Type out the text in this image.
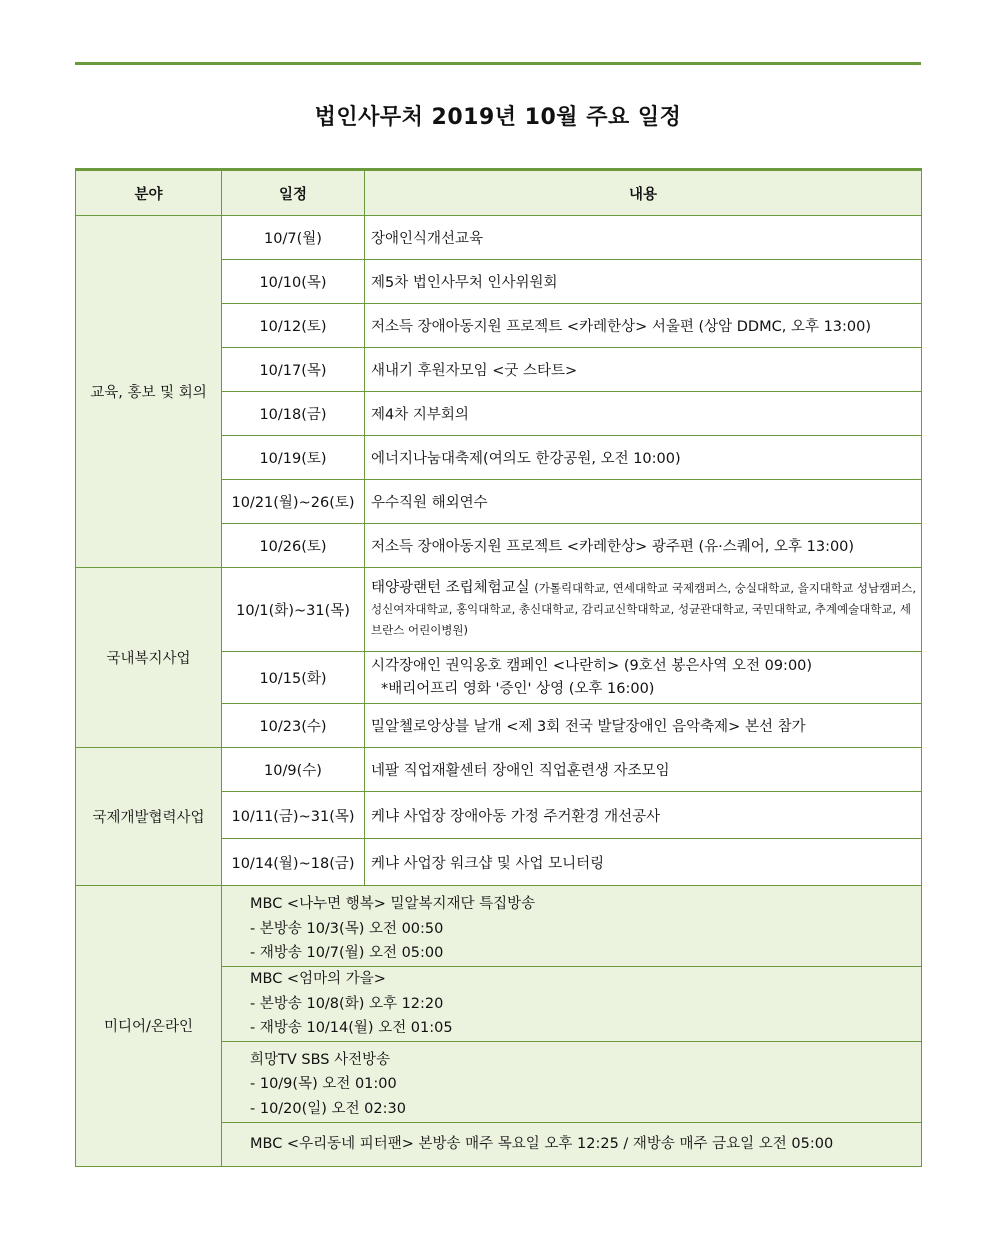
법인사무처 2019년 10월 주요 일정
분야	일정	내용
교육, 홍보 및 회의	10/7(월)	장애인식개선교육
	10/10(목)	제5차 법인사무처 인사위원회
	10/12(토)	저소득 장애아동지원 프로젝트 <카레한상> 서울편 (상암 DDMC, 오후 13:00)
	10/17(목)	새내기 후원자모임 <굿 스타트>
	10/18(금)	제4차 지부회의
	10/19(토)	에너지나눔대축제(여의도 한강공원, 오전 10:00)
	10/21(월)~26(토)	우수직원 해외연수
	10/26(토)	저소득 장애아동지원 프로젝트 <카레한상> 광주편 (유·스퀘어, 오후 13:00)
국내복지사업	10/1(화)~31(목)	태양광랜턴 조립체험교실 (가톨릭대학교, 연세대학교 국제캠퍼스, 숭실대학교, 을지대학교 성남캠퍼스, 성신여자대학교, 홍익대학교, 총신대학교, 감리교신학대학교, 성균관대학교, 국민대학교, 추계예술대학교, 세브란스 어린이병원)
	10/15(화)	시각장애인 권익옹호 캠페인 <나란히> (9호선 봉은사역 오전 09:00)
*배리어프리 영화 '증인' 상영 (오후 16:00)

	10/23(수)	밀알첼로앙상블 날개 <제 3회 전국 발달장애인 음악축제> 본선 참가
국제개발협력사업	10/9(수)	네팔 직업재활센터 장애인 직업훈련생 자조모임
	10/11(금)~31(목)	케냐 사업장 장애아동 가정 주거환경 개선공사
	10/14(월)~18(금)	케냐 사업장 워크샵 및 사업 모니터링
미디어/온라인	MBC <나누면 행복> 밀알복지재단 특집방송
- 본방송 10/3(목) 오전 00:50
- 재방송 10/7(월) 오전 05:00	

	MBC <엄마의 가을>
- 본방송 10/8(화) 오후 12:20
- 재방송 10/14(월) 오전 01:05	

	희망TV SBS 사전방송
- 10/9(목) 오전 01:00
- 10/20(일) 오전 02:30	

	MBC <우리동네 피터팬> 본방송 매주 목요일 오후 12:25 / 재방송 매주 금요일 오전 05:00	
